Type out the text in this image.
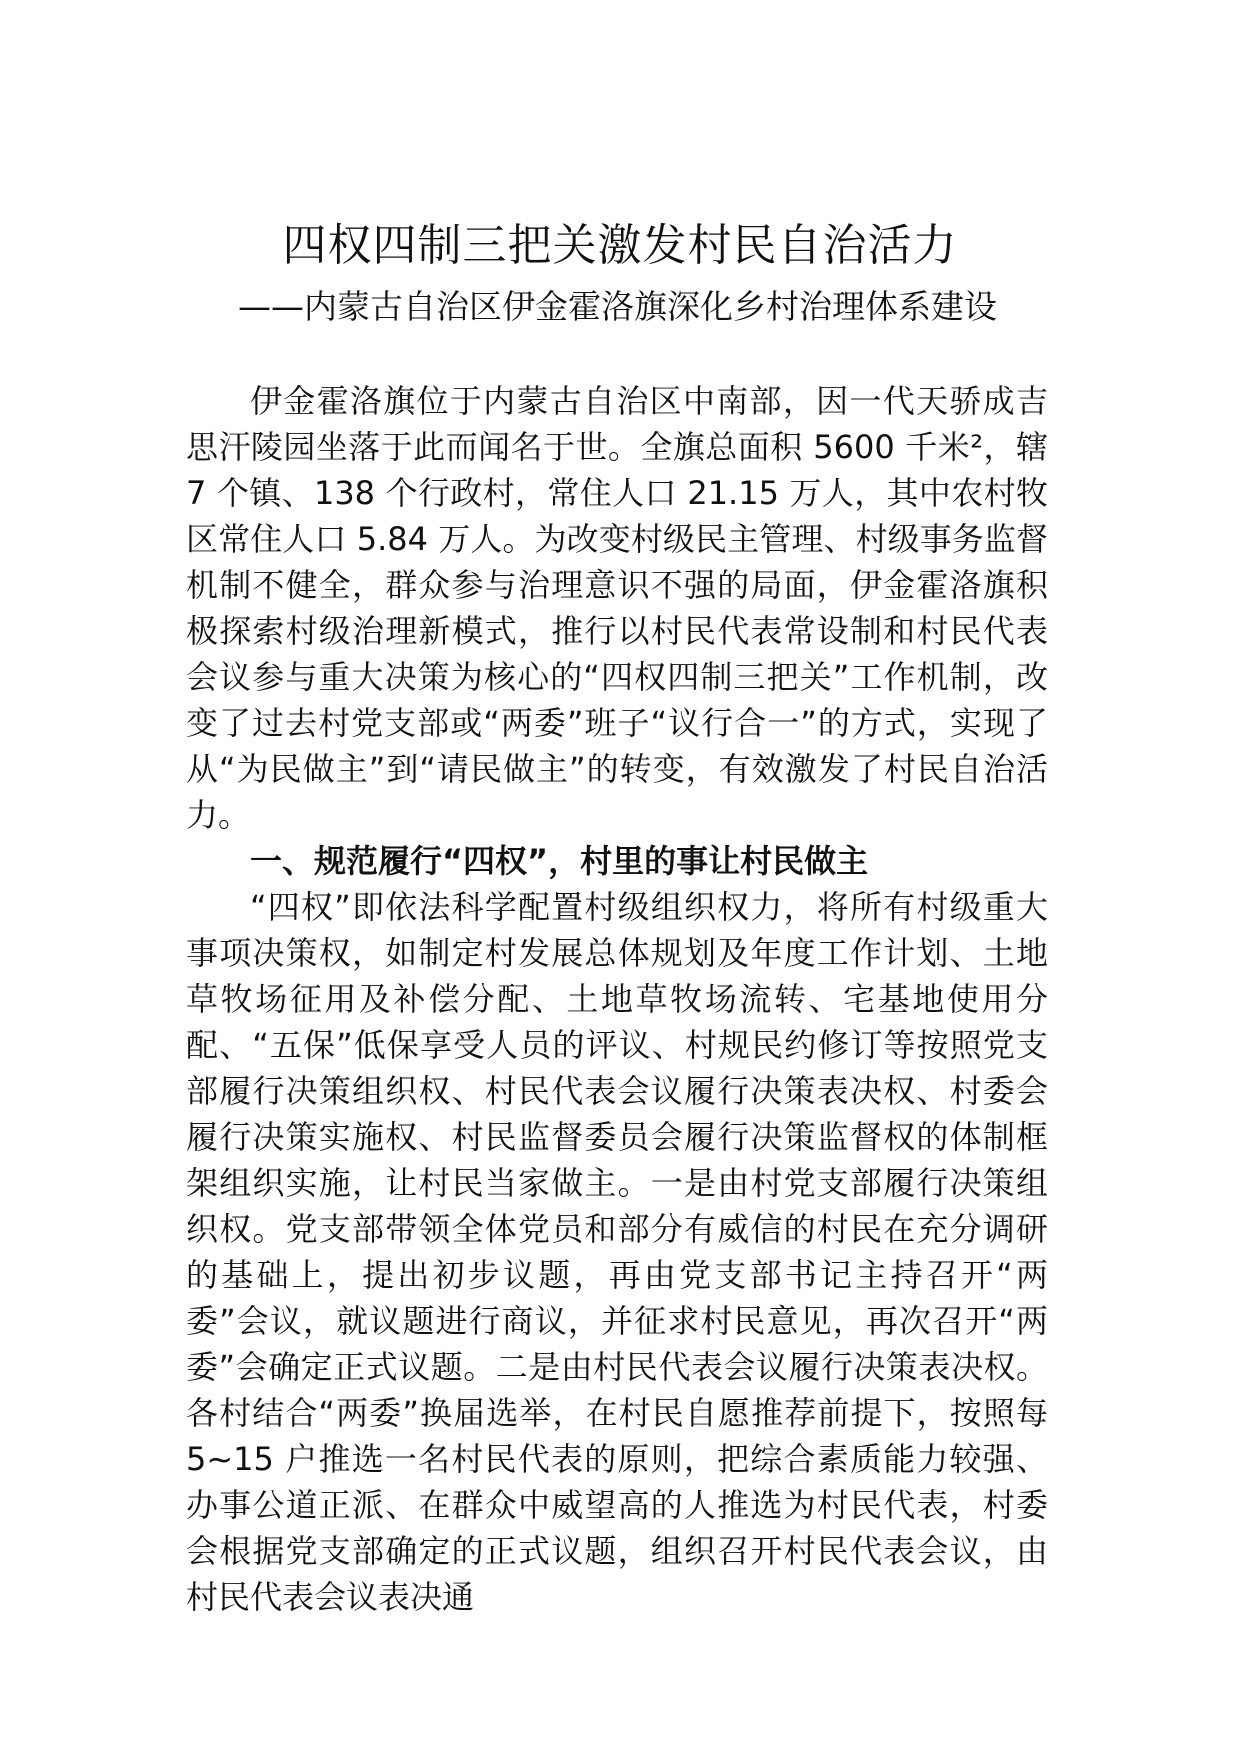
四权四制三把关激发村民自治活力
——内蒙古自治区伊金霍洛旗深化乡村治理体系建设

伊金霍洛旗位于内蒙古自治区中南部，因一代天骄成吉思汗陵园坐落于此而闻名于世。全旗总面积 5600 千米²，辖 7 个镇、138 个行政村，常住人口 21.15 万人，其中农村牧区常住人口 5.84 万人。为改变村级民主管理、村级事务监督机制不健全，群众参与治理意识不强的局面，伊金霍洛旗积极探索村级治理新模式，推行以村民代表常设制和村民代表会议参与重大决策为核心的“四权四制三把关”工作机制，改变了过去村党支部或“两委”班子“议行合一”的方式，实现了从“为民做主”到“请民做主”的转变，有效激发了村民自治活力。

一、规范履行“四权”，村里的事让村民做主

“四权”即依法科学配置村级组织权力，将所有村级重大事项决策权，如制定村发展总体规划及年度工作计划、土地草牧场征用及补偿分配、土地草牧场流转、宅基地使用分配、“五保”低保享受人员的评议、村规民约修订等按照党支部履行决策组织权、村民代表会议履行决策表决权、村委会履行决策实施权、村民监督委员会履行决策监督权的体制框架组织实施，让村民当家做主。一是由村党支部履行决策组织权。党支部带领全体党员和部分有威信的村民在充分调研的基础上，提出初步议题，再由党支部书记主持召开“两委”会议，就议题进行商议，并征求村民意见，再次召开“两委”会确定正式议题。二是由村民代表会议履行决策表决权。各村结合“两委”换届选举，在村民自愿推荐前提下，按照每 5~15 户推选一名村民代表的原则，把综合素质能力较强、办事公道正派、在群众中威望高的人推选为村民代表，村委会根据党支部确定的正式议题，组织召开村民代表会议，由村民代表会议表决通
